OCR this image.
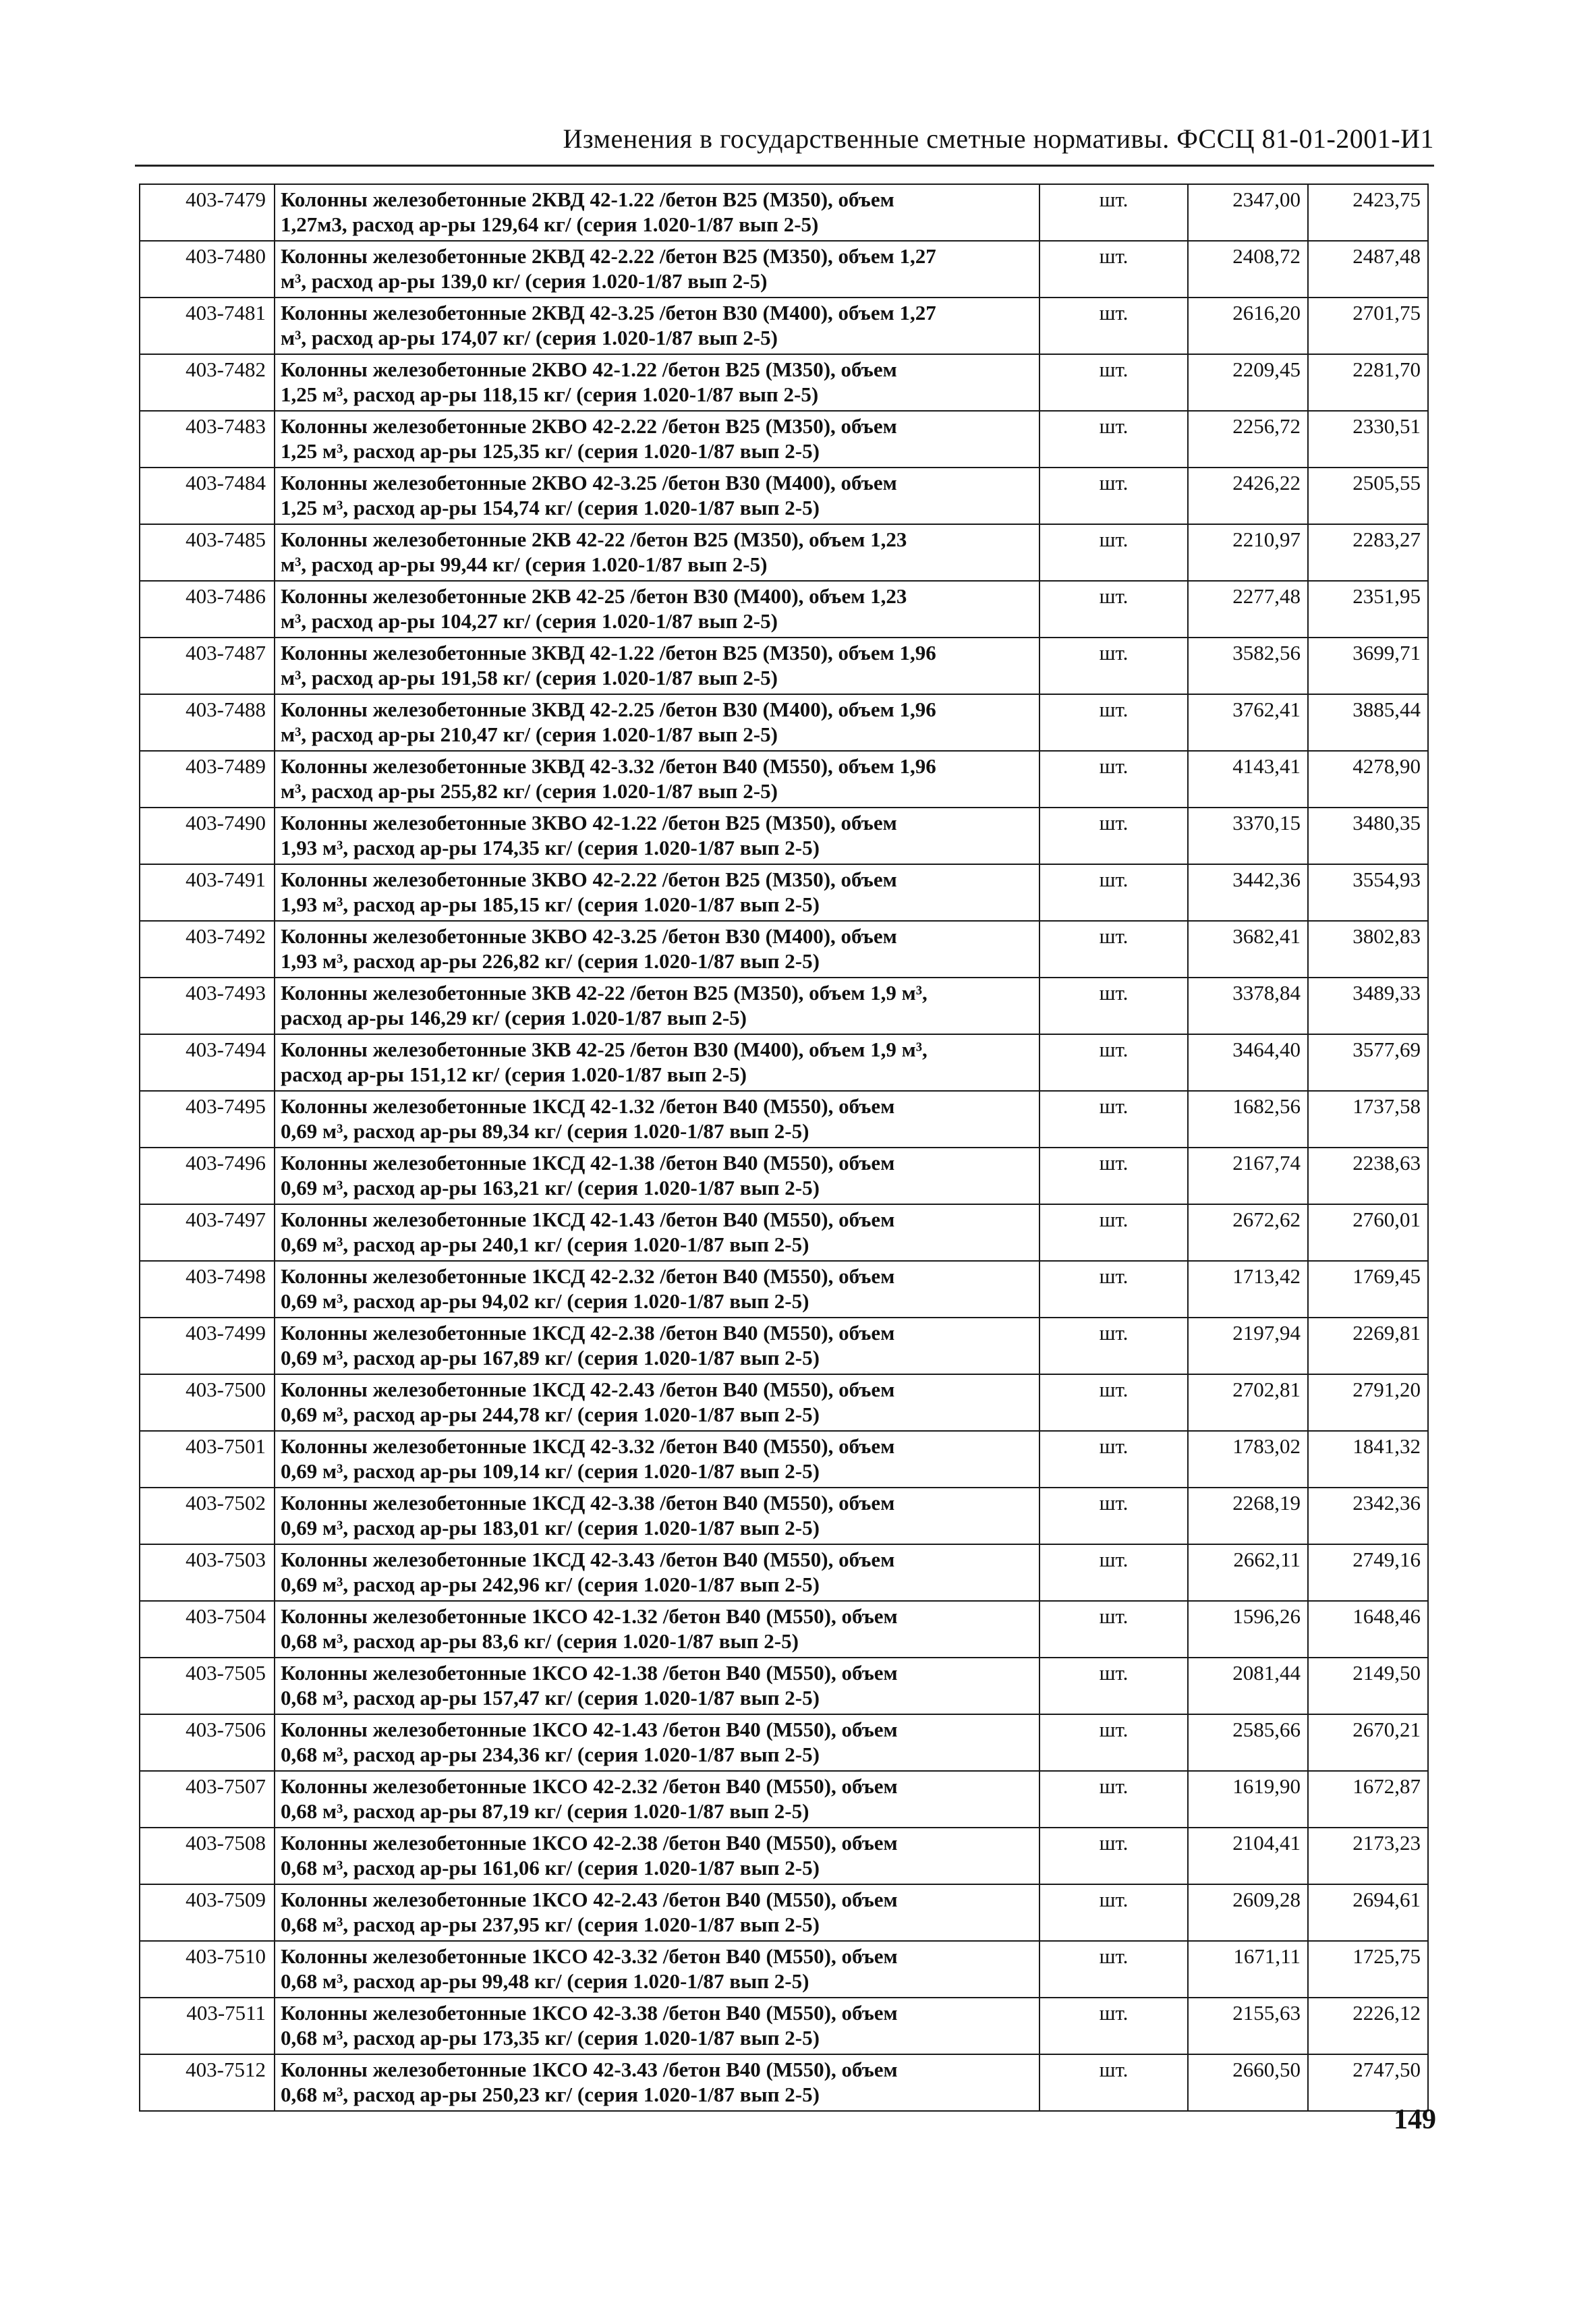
Изменения в государственные сметные нормативы. ФССЦ 81-01-2001-И1
403-7479	Колонны железобетонные 2КВД 42-1.22 /бетон В25 (М350), объем
1,27м3, расход ар-ры 129,64 кг/ (серия 1.020-1/87 вып 2-5)	шт.	2347,00	2423,75
403-7480	Колонны железобетонные 2КВД 42-2.22 /бетон В25 (М350), объем 1,27
м³, расход ар-ры 139,0 кг/ (серия 1.020-1/87 вып 2-5)	шт.	2408,72	2487,48
403-7481	Колонны железобетонные 2КВД 42-3.25 /бетон В30 (М400), объем 1,27
м³, расход ар-ры 174,07 кг/ (серия 1.020-1/87 вып 2-5)	шт.	2616,20	2701,75
403-7482	Колонны железобетонные 2КВО 42-1.22 /бетон В25 (М350), объем
1,25 м³, расход ар-ры 118,15 кг/ (серия 1.020-1/87 вып 2-5)	шт.	2209,45	2281,70
403-7483	Колонны железобетонные 2КВО 42-2.22 /бетон В25 (М350), объем
1,25 м³, расход ар-ры 125,35 кг/ (серия 1.020-1/87 вып 2-5)	шт.	2256,72	2330,51
403-7484	Колонны железобетонные 2КВО 42-3.25 /бетон В30 (М400), объем
1,25 м³, расход ар-ры 154,74 кг/ (серия 1.020-1/87 вып 2-5)	шт.	2426,22	2505,55
403-7485	Колонны железобетонные 2КВ 42-22 /бетон В25 (М350), объем 1,23
м³, расход ар-ры 99,44 кг/ (серия 1.020-1/87 вып 2-5)	шт.	2210,97	2283,27
403-7486	Колонны железобетонные 2КВ 42-25 /бетон В30 (М400), объем 1,23
м³, расход ар-ры 104,27 кг/ (серия 1.020-1/87 вып 2-5)	шт.	2277,48	2351,95
403-7487	Колонны железобетонные 3КВД 42-1.22 /бетон В25 (М350), объем 1,96
м³, расход ар-ры 191,58 кг/ (серия 1.020-1/87 вып 2-5)	шт.	3582,56	3699,71
403-7488	Колонны железобетонные 3КВД 42-2.25 /бетон В30 (М400), объем 1,96
м³, расход ар-ры 210,47 кг/ (серия 1.020-1/87 вып 2-5)	шт.	3762,41	3885,44
403-7489	Колонны железобетонные 3КВД 42-3.32 /бетон В40 (М550), объем 1,96
м³, расход ар-ры 255,82 кг/ (серия 1.020-1/87 вып 2-5)	шт.	4143,41	4278,90
403-7490	Колонны железобетонные 3КВО 42-1.22 /бетон В25 (М350), объем
1,93 м³, расход ар-ры 174,35 кг/ (серия 1.020-1/87 вып 2-5)	шт.	3370,15	3480,35
403-7491	Колонны железобетонные 3КВО 42-2.22 /бетон В25 (М350), объем
1,93 м³, расход ар-ры 185,15 кг/ (серия 1.020-1/87 вып 2-5)	шт.	3442,36	3554,93
403-7492	Колонны железобетонные 3КВО 42-3.25 /бетон В30 (М400), объем
1,93 м³, расход ар-ры 226,82 кг/ (серия 1.020-1/87 вып 2-5)	шт.	3682,41	3802,83
403-7493	Колонны железобетонные 3КВ 42-22 /бетон В25 (М350), объем 1,9 м³,
расход ар-ры 146,29 кг/ (серия 1.020-1/87 вып 2-5)	шт.	3378,84	3489,33
403-7494	Колонны железобетонные 3КВ 42-25 /бетон В30 (М400), объем 1,9 м³,
расход ар-ры 151,12 кг/ (серия 1.020-1/87 вып 2-5)	шт.	3464,40	3577,69
403-7495	Колонны железобетонные 1КСД 42-1.32 /бетон В40 (М550), объем
0,69 м³, расход ар-ры 89,34 кг/ (серия 1.020-1/87 вып 2-5)	шт.	1682,56	1737,58
403-7496	Колонны железобетонные 1КСД 42-1.38 /бетон В40 (М550), объем
0,69 м³, расход ар-ры 163,21 кг/ (серия 1.020-1/87 вып 2-5)	шт.	2167,74	2238,63
403-7497	Колонны железобетонные 1КСД 42-1.43 /бетон В40 (М550), объем
0,69 м³, расход ар-ры 240,1 кг/ (серия 1.020-1/87 вып 2-5)	шт.	2672,62	2760,01
403-7498	Колонны железобетонные 1КСД 42-2.32 /бетон В40 (М550), объем
0,69 м³, расход ар-ры 94,02 кг/ (серия 1.020-1/87 вып 2-5)	шт.	1713,42	1769,45
403-7499	Колонны железобетонные 1КСД 42-2.38 /бетон В40 (М550), объем
0,69 м³, расход ар-ры 167,89 кг/ (серия 1.020-1/87 вып 2-5)	шт.	2197,94	2269,81
403-7500	Колонны железобетонные 1КСД 42-2.43 /бетон В40 (М550), объем
0,69 м³, расход ар-ры 244,78 кг/ (серия 1.020-1/87 вып 2-5)	шт.	2702,81	2791,20
403-7501	Колонны железобетонные 1КСД 42-3.32 /бетон В40 (М550), объем
0,69 м³, расход ар-ры 109,14 кг/ (серия 1.020-1/87 вып 2-5)	шт.	1783,02	1841,32
403-7502	Колонны железобетонные 1КСД 42-3.38 /бетон В40 (М550), объем
0,69 м³, расход ар-ры 183,01 кг/ (серия 1.020-1/87 вып 2-5)	шт.	2268,19	2342,36
403-7503	Колонны железобетонные 1КСД 42-3.43 /бетон В40 (М550), объем
0,69 м³, расход ар-ры 242,96 кг/ (серия 1.020-1/87 вып 2-5)	шт.	2662,11	2749,16
403-7504	Колонны железобетонные 1КСО 42-1.32 /бетон В40 (М550), объем
0,68 м³, расход ар-ры 83,6 кг/ (серия 1.020-1/87 вып 2-5)	шт.	1596,26	1648,46
403-7505	Колонны железобетонные 1КСО 42-1.38 /бетон В40 (М550), объем
0,68 м³, расход ар-ры 157,47 кг/ (серия 1.020-1/87 вып 2-5)	шт.	2081,44	2149,50
403-7506	Колонны железобетонные 1КСО 42-1.43 /бетон В40 (М550), объем
0,68 м³, расход ар-ры 234,36 кг/ (серия 1.020-1/87 вып 2-5)	шт.	2585,66	2670,21
403-7507	Колонны железобетонные 1КСО 42-2.32 /бетон В40 (М550), объем
0,68 м³, расход ар-ры 87,19 кг/ (серия 1.020-1/87 вып 2-5)	шт.	1619,90	1672,87
403-7508	Колонны железобетонные 1КСО 42-2.38 /бетон В40 (М550), объем
0,68 м³, расход ар-ры 161,06 кг/ (серия 1.020-1/87 вып 2-5)	шт.	2104,41	2173,23
403-7509	Колонны железобетонные 1КСО 42-2.43 /бетон В40 (М550), объем
0,68 м³, расход ар-ры 237,95 кг/ (серия 1.020-1/87 вып 2-5)	шт.	2609,28	2694,61
403-7510	Колонны железобетонные 1КСО 42-3.32 /бетон В40 (М550), объем
0,68 м³, расход ар-ры 99,48 кг/ (серия 1.020-1/87 вып 2-5)	шт.	1671,11	1725,75
403-7511	Колонны железобетонные 1КСО 42-3.38 /бетон В40 (М550), объем
0,68 м³, расход ар-ры 173,35 кг/ (серия 1.020-1/87 вып 2-5)	шт.	2155,63	2226,12
403-7512	Колонны железобетонные 1КСО 42-3.43 /бетон В40 (М550), объем
0,68 м³, расход ар-ры 250,23 кг/ (серия 1.020-1/87 вып 2-5)	шт.	2660,50	2747,50
149
